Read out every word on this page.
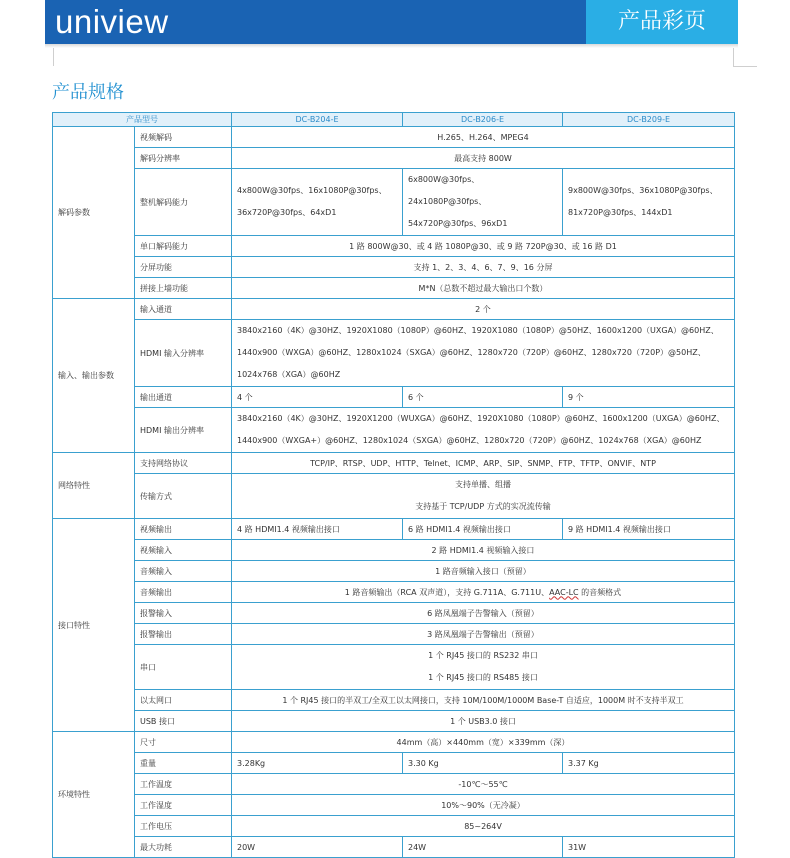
uniview	产品彩页
产品规格
产品型号		DC-B204-E	DC-B206-E	DC-B209-E
解码参数	视频解码	H.265、H.264、MPEG4		
	解码分辨率	最高支持 800W		
	整机解码能力	4x800W@30fps、16x1080P@30fps、
36x720P@30fps、64xD1	6x800W@30fps、24x1080P@30fps、
54x720P@30fps、96xD1	9x800W@30fps、36x1080P@30fps、
81x720P@30fps、144xD1
	单口解码能力	1 路 800W@30、或 4 路 1080P@30、或 9 路 720P@30、或 16 路 D1		
	分屏功能	支持 1、2、3、4、6、7、9、16 分屏		
	拼接上墙功能	M*N（总数不超过最大输出口个数）		
输入、输出参数	输入通道	2 个		
	HDMI 输入分辨率	3840x2160（4K）@30HZ、1920X1080（1080P）@60HZ、1920X1080（1080P）@50HZ、1600x1200（UXGA）@60HZ、
1440x900（WXGA）@60HZ、1280x1024（SXGA）@60HZ、1280x720（720P）@60HZ、1280x720（720P）@50HZ、
1024x768（XGA）@60HZ		
	输出通道	4 个	6 个	9 个
	HDMI 输出分辨率	3840x2160（4K）@30HZ、1920X1200（WUXGA）@60HZ、1920X1080（1080P）@60HZ、1600x1200（UXGA）@60HZ、
1440x900（WXGA+）@60HZ、1280x1024（SXGA）@60HZ、1280x720（720P）@60HZ、1024x768（XGA）@60HZ		
网络特性	支持网络协议	TCP/IP、RTSP、UDP、HTTP、Telnet、ICMP、ARP、SIP、SNMP、FTP、TFTP、ONVIF、NTP		
	传输方式	支持单播、组播
支持基于 TCP/UDP 方式的实况流传输		
接口特性	视频输出	4 路 HDMI1.4 视频输出接口	6 路 HDMI1.4 视频输出接口	9 路 HDMI1.4 视频输出接口
	视频输入	2 路 HDMI1.4 视频输入接口		
	音频输入	1 路音频输入接口（预留）		
	音频输出	1 路音频输出（RCA 双声道），支持 G.711A、G.711U、AAC-LC 的音频格式		
	报警输入	6 路凤凰端子告警输入（预留）		
	报警输出	3 路凤凰端子告警输出（预留）		
	串口	1 个 RJ45 接口的 RS232 串口
1 个 RJ45 接口的 RS485 接口		
	以太网口	1 个 RJ45 接口的半双工/全双工以太网接口，支持 10M/100M/1000M Base-T 自适应，1000M 时不支持半双工		
	USB 接口	1 个 USB3.0 接口		
环境特性	尺寸	44mm（高）×440mm（宽）×339mm（深）		
	重量	3.28Kg	3.30 Kg	3.37 Kg
	工作温度	-10℃～55℃		
	工作湿度	10%～90%（无冷凝）		
	工作电压	85~264V		
	最大功耗	20W	24W	31W
